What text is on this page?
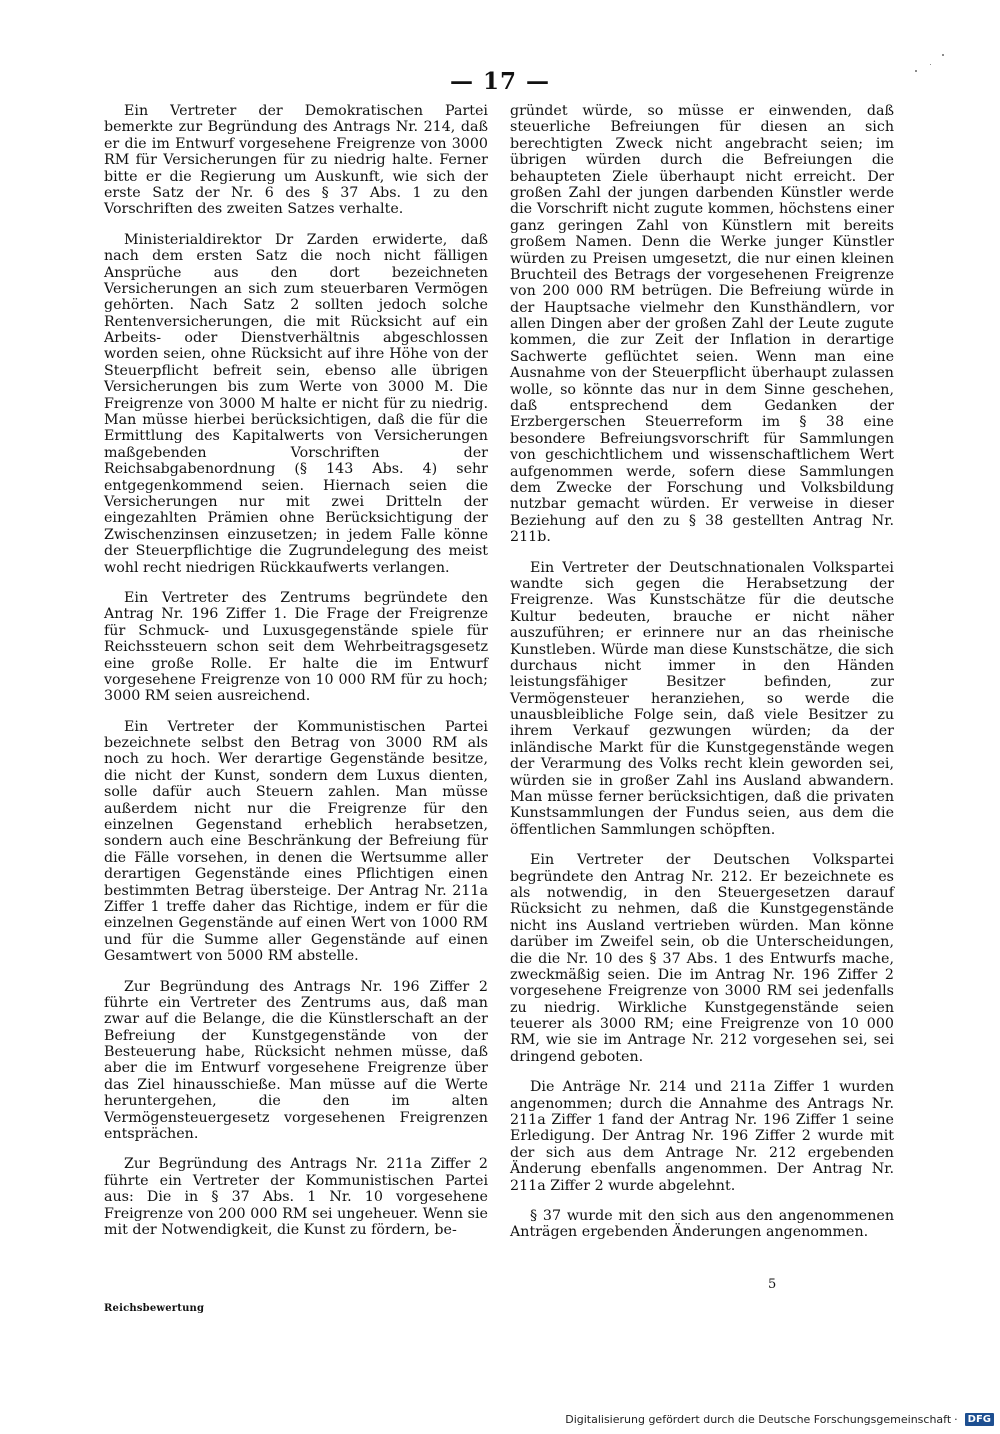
— 17 —

Ein Vertreter der Demokratischen Partei bemerkte zur Begründung des Antrags Nr. 214, daß er die im Entwurf vorgesehene Freigrenze von 3000 RM für Versicherungen für zu niedrig halte. Ferner bitte er die Regierung um Auskunft, wie sich der erste Satz der Nr. 6 des § 37 Abs. 1 zu den Vorschriften des zweiten Satzes verhalte.

Ministerialdirektor Dr Zarden erwiderte, daß nach dem ersten Satz die noch nicht fälligen Ansprüche aus den dort bezeichneten Versicherungen an sich zum steuerbaren Vermögen gehörten. Nach Satz 2 sollten jedoch solche Rentenversicherungen, die mit Rücksicht auf ein Arbeits- oder Dienstverhältnis abgeschlossen worden seien, ohne Rücksicht auf ihre Höhe von der Steuerpflicht befreit sein, ebenso alle übrigen Versicherungen bis zum Werte von 3000 M. Die Freigrenze von 3000 M halte er nicht für zu niedrig. Man müsse hierbei berücksichtigen, daß die für die Ermittlung des Kapitalwerts von Versicherungen maßgebenden Vorschriften der Reichsabgabenordnung (§ 143 Abs. 4) sehr entgegenkommend seien. Hiernach seien die Versicherungen nur mit zwei Dritteln der eingezahlten Prämien ohne Berücksichtigung der Zwischenzinsen einzusetzen; in jedem Falle könne der Steuerpflichtige die Zugrundelegung des meist wohl recht niedrigen Rückkaufwerts verlangen.

Ein Vertreter des Zentrums begründete den Antrag Nr. 196 Ziffer 1. Die Frage der Freigrenze für Schmuck- und Luxusgegenstände spiele für Reichssteuern schon seit dem Wehrbeitragsgesetz eine große Rolle. Er halte die im Entwurf vorgesehene Freigrenze von 10 000 RM für zu hoch; 3000 RM seien ausreichend.

Ein Vertreter der Kommunistischen Partei bezeichnete selbst den Betrag von 3000 RM als noch zu hoch. Wer derartige Gegenstände besitze, die nicht der Kunst, sondern dem Luxus dienten, solle dafür auch Steuern zahlen. Man müsse außerdem nicht nur die Freigrenze für den einzelnen Gegenstand erheblich herabsetzen, sondern auch eine Beschränkung der Befreiung für die Fälle vorsehen, in denen die Wertsumme aller derartigen Gegenstände eines Pflichtigen einen bestimmten Betrag übersteige. Der Antrag Nr. 211a Ziffer 1 treffe daher das Richtige, indem er für die einzelnen Gegenstände auf einen Wert von 1000 RM und für die Summe aller Gegenstände auf einen Gesamtwert von 5000 RM abstelle.

Zur Begründung des Antrags Nr. 196 Ziffer 2 führte ein Vertreter des Zentrums aus, daß man zwar auf die Belange, die die Künstlerschaft an der Befreiung der Kunstgegenstände von der Besteuerung habe, Rücksicht nehmen müsse, daß aber die im Entwurf vorgesehene Freigrenze über das Ziel hinausschieße. Man müsse auf die Werte heruntergehen, die den im alten Vermögensteuergesetz vorgesehenen Freigrenzen entsprächen.

Zur Begründung des Antrags Nr. 211a Ziffer 2 führte ein Vertreter der Kommunistischen Partei aus: Die in § 37 Abs. 1 Nr. 10 vorgesehene Freigrenze von 200 000 RM sei ungeheuer. Wenn sie mit der Notwendigkeit, die Kunst zu fördern, be-

gründet würde, so müsse er einwenden, daß steuerliche Befreiungen für diesen an sich berechtigten Zweck nicht angebracht seien; im übrigen würden durch die Befreiungen die behaupteten Ziele überhaupt nicht erreicht. Der großen Zahl der jungen darbenden Künstler werde die Vorschrift nicht zugute kommen, höchstens einer ganz geringen Zahl von Künstlern mit bereits großem Namen. Denn die Werke junger Künstler würden zu Preisen umgesetzt, die nur einen kleinen Bruchteil des Betrags der vorgesehenen Freigrenze von 200 000 RM betrügen. Die Befreiung würde in der Hauptsache vielmehr den Kunsthändlern, vor allen Dingen aber der großen Zahl der Leute zugute kommen, die zur Zeit der Inflation in derartige Sachwerte geflüchtet seien. Wenn man eine Ausnahme von der Steuerpflicht überhaupt zulassen wolle, so könnte das nur in dem Sinne geschehen, daß entsprechend dem Gedanken der Erzbergerschen Steuerreform im § 38 eine besondere Befreiungsvorschrift für Sammlungen von geschichtlichem und wissenschaftlichem Wert aufgenommen werde, sofern diese Sammlungen dem Zwecke der Forschung und Volksbildung nutzbar gemacht würden. Er verweise in dieser Beziehung auf den zu § 38 gestellten Antrag Nr. 211b.

Ein Vertreter der Deutschnationalen Volkspartei wandte sich gegen die Herabsetzung der Freigrenze. Was Kunstschätze für die deutsche Kultur bedeuten, brauche er nicht näher auszuführen; er erinnere nur an das rheinische Kunstleben. Würde man diese Kunstschätze, die sich durchaus nicht immer in den Händen leistungsfähiger Besitzer befinden, zur Vermögensteuer heranziehen, so werde die unausbleibliche Folge sein, daß viele Besitzer zu ihrem Verkauf gezwungen würden; da der inländische Markt für die Kunstgegenstände wegen der Verarmung des Volks recht klein geworden sei, würden sie in großer Zahl ins Ausland abwandern. Man müsse ferner berücksichtigen, daß die privaten Kunstsammlungen der Fundus seien, aus dem die öffentlichen Sammlungen schöpften.

Ein Vertreter der Deutschen Volkspartei begründete den Antrag Nr. 212. Er bezeichnete es als notwendig, in den Steuergesetzen darauf Rücksicht zu nehmen, daß die Kunstgegenstände nicht ins Ausland vertrieben würden. Man könne darüber im Zweifel sein, ob die Unterscheidungen, die die Nr. 10 des § 37 Abs. 1 des Entwurfs mache, zweckmäßig seien. Die im Antrag Nr. 196 Ziffer 2 vorgesehene Freigrenze von 3000 RM sei jedenfalls zu niedrig. Wirkliche Kunstgegenstände seien teuerer als 3000 RM; eine Freigrenze von 10 000 RM, wie sie im Antrage Nr. 212 vorgesehen sei, sei dringend geboten.

Die Anträge Nr. 214 und 211a Ziffer 1 wurden angenommen; durch die Annahme des Antrags Nr. 211a Ziffer 1 fand der Antrag Nr. 196 Ziffer 1 seine Erledigung. Der Antrag Nr. 196 Ziffer 2 wurde mit der sich aus dem Antrage Nr. 212 ergebenden Änderung ebenfalls angenommen. Der Antrag Nr. 211a Ziffer 2 wurde abgelehnt.

§ 37 wurde mit den sich aus den angenommenen Anträgen ergebenden Änderungen angenommen.

Reichsbewertung
5
Digitalisierung gefördert durch die Deutsche Forschungsgemeinschaft ·	DFG
